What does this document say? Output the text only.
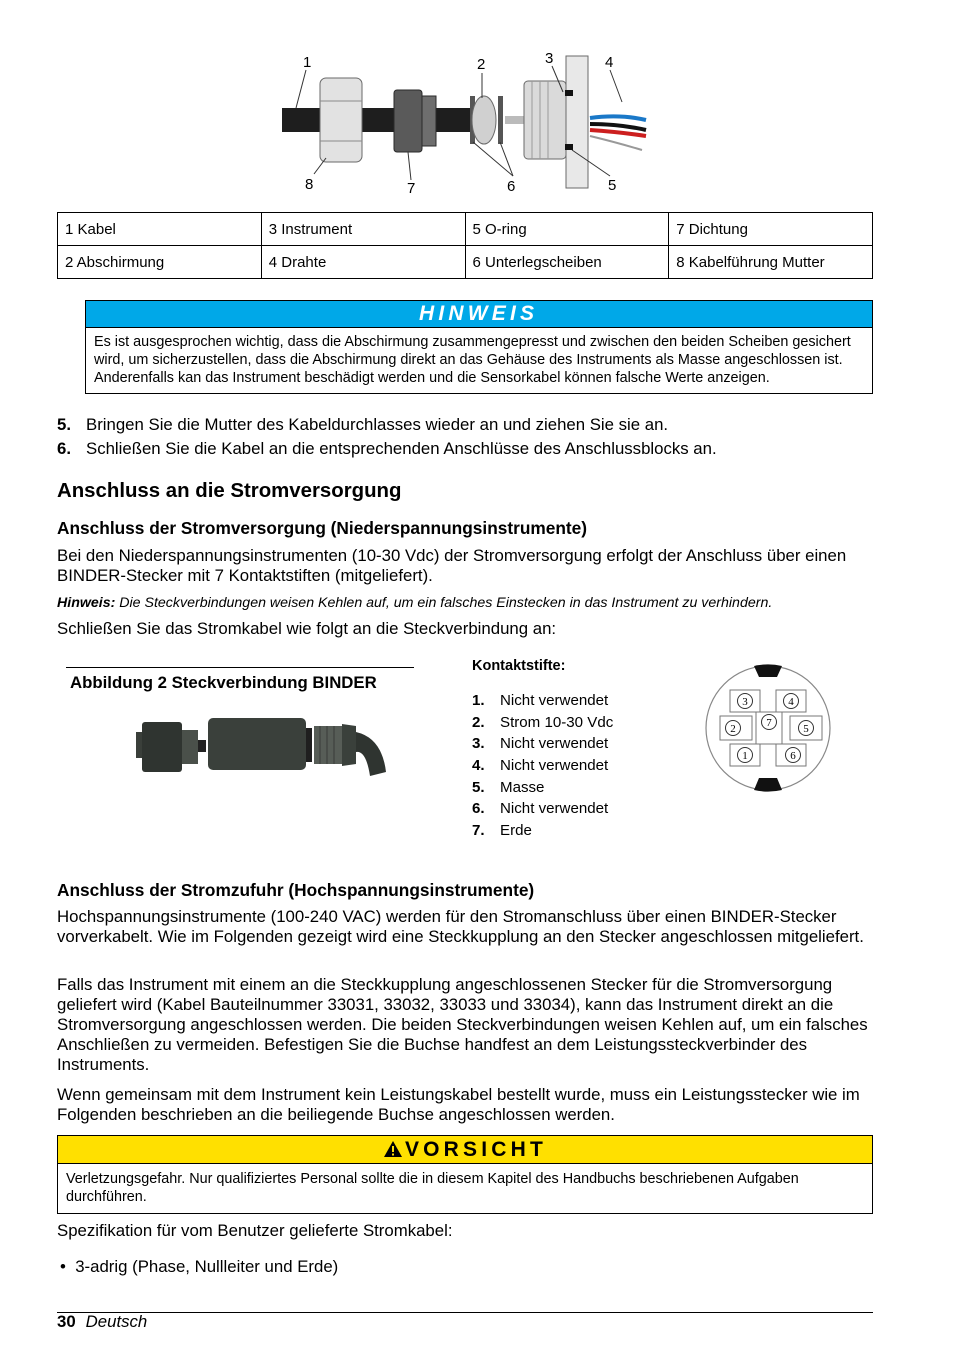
1	2	3	4
8	7	6	5
1 Kabel	3 Instrument	5 O-ring	7 Dichtung
2 Abschirmung	4 Drahte	6 Unterlegscheiben	8 Kabelführung Mutter
HINWEIS
Es ist ausgesprochen wichtig, dass die Abschirmung zusammengepresst und zwischen den beiden Scheiben gesichert wird, um sicherzustellen, dass die Abschirmung direkt an das Gehäuse des Instruments als Masse angeschlossen ist. Anderenfalls kan das Instrument beschädigt werden und die Sensorkabel können falsche Werte anzeigen.
5. Bringen Sie die Mutter des Kabeldurchlasses wieder an und ziehen Sie sie an.
6. Schließen Sie die Kabel an die entsprechenden Anschlüsse des Anschlussblocks an.
Anschluss an die Stromversorgung
Anschluss der Stromversorgung (Niederspannungsinstrumente)

Bei den Niederspannungsinstrumenten (10-30 Vdc) der Stromversorgung erfolgt der Anschluss über einen BINDER-Stecker mit 7 Kontaktstiften (mitgeliefert).

Hinweis: Die Steckverbindungen weisen Kehlen auf, um ein falsches Einstecken in das Instrument zu verhindern.

Schließen Sie das Stromkabel wie folgt an die Steckverbindung an:

Abbildung 2 Steckverbindung BINDER
Kontaktstifte:
1. Nicht verwendet
2. Strom 10-30 Vdc
3. Nicht verwendet
4. Nicht verwendet
5. Masse
6. Nicht verwendet
7. Erde
3	4
2	7	5
1	6
Anschluss der Stromzufuhr (Hochspannungsinstrumente)

Hochspannungsinstrumente (100-240 VAC) werden für den Stromanschluss über einen BINDER-Stecker vorverkabelt. Wie im Folgenden gezeigt wird eine Steckkupplung an den Stecker angeschlossen mitgeliefert.

Falls das Instrument mit einem an die Steckkupplung angeschlossenen Stecker für die Stromversorgung geliefert wird (Kabel Bauteilnummer 33031, 33032, 33033 und 33034), kann das Instrument direkt an die Stromversorgung angeschlossen werden. Die beiden Steckverbindungen weisen Kehlen auf, um ein falsches Anschließen zu vermeiden. Befestigen Sie die Buchse handfest an dem Leistungssteckverbinder des Instruments.

Wenn gemeinsam mit dem Instrument kein Leistungskabel bestellt wurde, muss ein Leistungsstecker wie im Folgenden beschrieben an die beiliegende Buchse angeschlossen werden.

VORSICHT
Verletzungsgefahr. Nur qualifiziertes Personal sollte die in diesem Kapitel des Handbuchs beschriebenen Aufgaben durchführen.

Spezifikation für vom Benutzer gelieferte Stromkabel:

•  3-adrig (Phase, Nullleiter und Erde)
30 Deutsch
